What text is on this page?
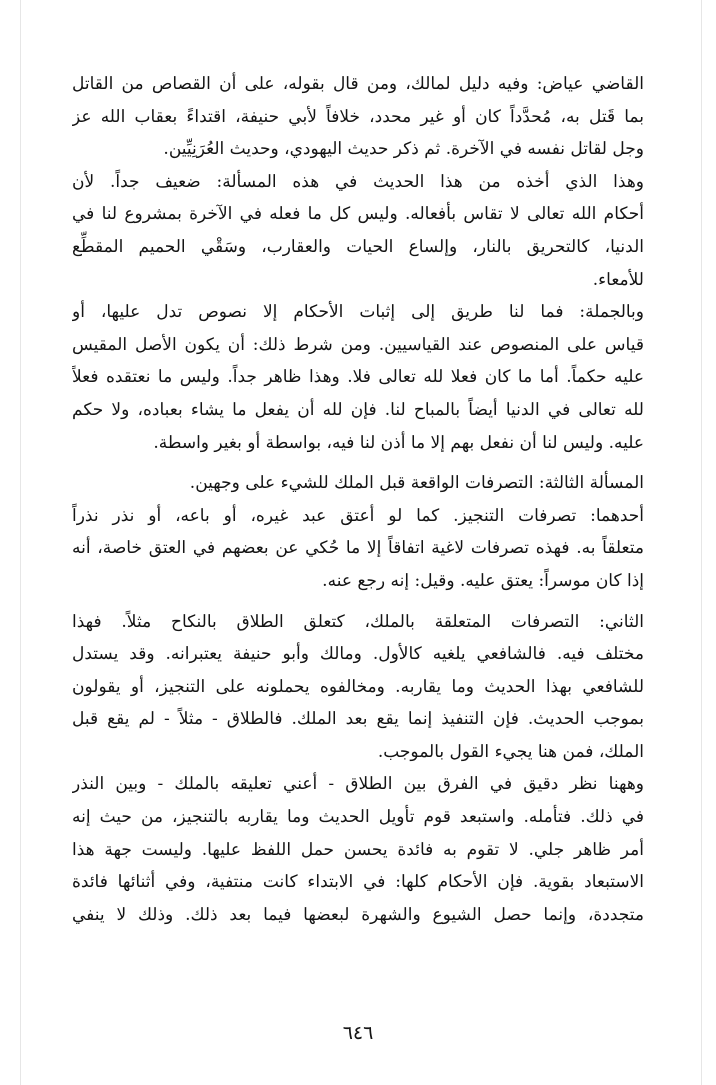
القاضي عياض: وفيه دليل لمالك، ومن قال بقوله، على أن القصاص من القاتل
بما قَتل به، مُحدَّداً كان أو غير محدد، خلافاً لأبي حنيفة، اقتداءً بعقاب الله عز
وجل لقاتل نفسه في الآخرة. ثم ذكر حديث اليهودي، وحديث العُرَنِيِّين.
وهذا الذي أخذه من هذا الحديث في هذه المسألة: ضعيف جداً. لأن
أحكام الله تعالى لا تقاس بأفعاله. وليس كل ما فعله في الآخرة بمشروع لنا في
الدنيا، كالتحريق بالنار، وإلساع الحيات والعقارب، وسَقْي الحميم المقطِّع
للأمعاء.
وبالجملة: فما لنا طريق إلى إثبات الأحكام إلا نصوص تدل عليها، أو
قياس على المنصوص عند القياسيين. ومن شرط ذلك: أن يكون الأصل المقيس
عليه حكماً. أما ما كان فعلا لله تعالى فلا. وهذا ظاهر جداً. وليس ما نعتقده فعلاً
لله تعالى في الدنيا أيضاً بالمباح لنا. فإن لله أن يفعل ما يشاء بعباده، ولا حكم
عليه. وليس لنا أن نفعل بهم إلا ما أذن لنا فيه، بواسطة أو بغير واسطة.
المسألة الثالثة: التصرفات الواقعة قبل الملك للشيء على وجهين.
أحدهما: تصرفات التنجيز. كما لو أعتق عبد غيره، أو باعه، أو نذر نذراً
متعلقاً به. فهذه تصرفات لاغية اتفاقاً إلا ما حُكي عن بعضهم في العتق خاصة، أنه
إذا كان موسراً: يعتق عليه. وقيل: إنه رجع عنه.
الثاني: التصرفات المتعلقة بالملك، كتعلق الطلاق بالنكاح مثلاً. فهذا
مختلف فيه. فالشافعي يلغيه كالأول. ومالك وأبو حنيفة يعتبرانه. وقد يستدل
للشافعي بهذا الحديث وما يقاربه. ومخالفوه يحملونه على التنجيز، أو يقولون
بموجب الحديث. فإن التنفيذ إنما يقع بعد الملك. فالطلاق - مثلاً - لم يقع قبل
الملك، فمن هنا يجيء القول بالموجب.
وههنا نظر دقيق في الفرق بين الطلاق - أعني تعليقه بالملك - وبين النذر
في ذلك. فتأمله. واستبعد قوم تأويل الحديث وما يقاربه بالتنجيز، من حيث إنه
أمر ظاهر جلي. لا تقوم به فائدة يحسن حمل اللفظ عليها. وليست جهة هذا
الاستبعاد بقوية. فإن الأحكام كلها: في الابتداء كانت منتفية، وفي أثنائها فائدة
متجددة، وإنما حصل الشيوع والشهرة لبعضها فيما بعد ذلك. وذلك لا ينفي
٦٤٦
